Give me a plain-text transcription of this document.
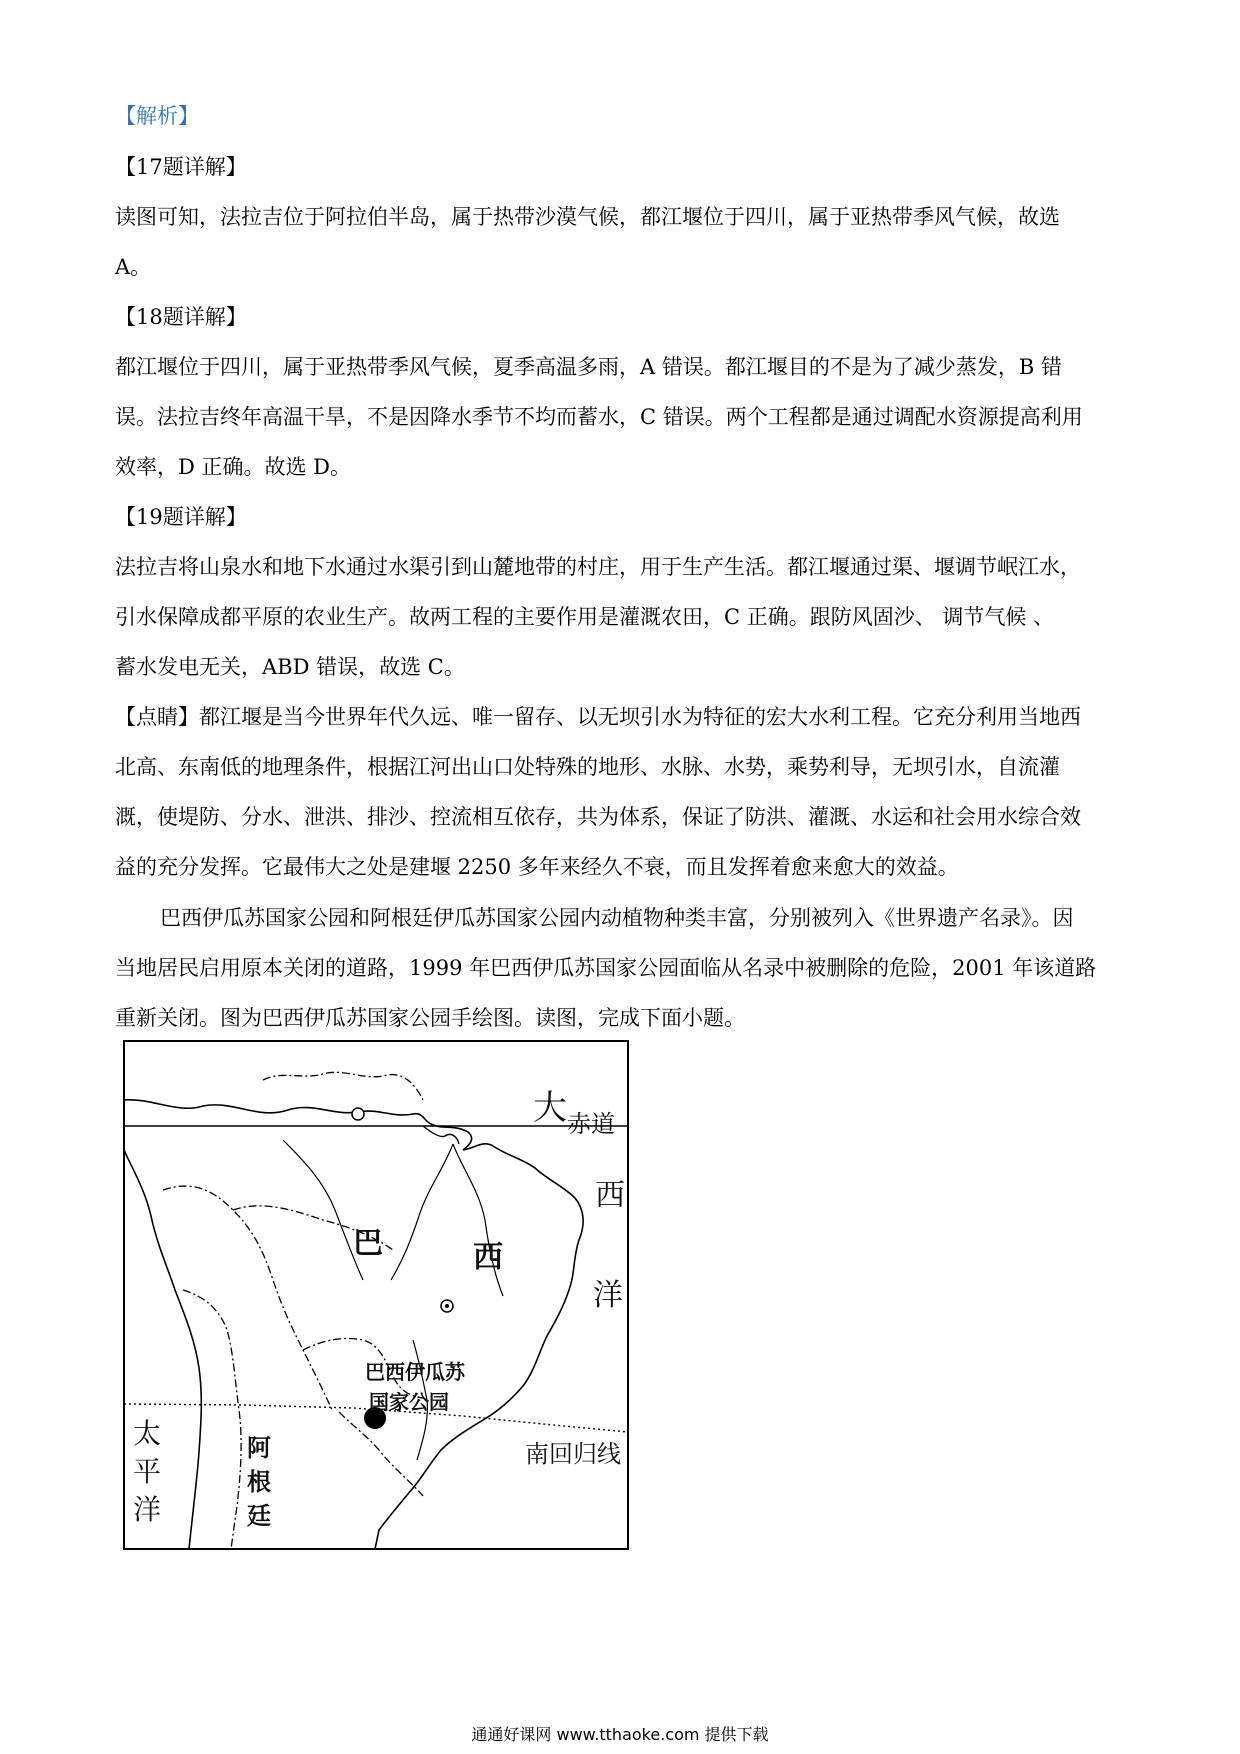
【解析】
【17题详解】
读图可知，法拉吉位于阿拉伯半岛，属于热带沙漠气候，都江堰位于四川，属于亚热带季风气候，故选
A。
【18题详解】
都江堰位于四川，属于亚热带季风气候，夏季高温多雨，A 错误。都江堰目的不是为了减少蒸发，B 错
误。法拉吉终年高温干旱，不是因降水季节不均而蓄水，C 错误。两个工程都是通过调配水资源提高利用
效率，D 正确。故选 D。
【19题详解】
法拉吉将山泉水和地下水通过水渠引到山麓地带的村庄，用于生产生活。都江堰通过渠、堰调节岷江水，
引水保障成都平原的农业生产。故两工程的主要作用是灌溉农田，C 正确。跟防风固沙、 调节气候 、
蓄水发电无关，ABD 错误，故选 C。
【点睛】都江堰是当今世界年代久远、唯一留存、以无坝引水为特征的宏大水利工程。它充分利用当地西
北高、东南低的地理条件，根据江河出山口处特殊的地形、水脉、水势，乘势利导，无坝引水，自流灌
溉，使堤防、分水、泄洪、排沙、控流相互依存，共为体系，保证了防洪、灌溉、水运和社会用水综合效
益的充分发挥。它最伟大之处是建堰 2250 多年来经久不衰，而且发挥着愈来愈大的效益。
巴西伊瓜苏国家公园和阿根廷伊瓜苏国家公园内动植物种类丰富，分别被列入《世界遗产名录》。因
当地居民启用原本关闭的道路，1999 年巴西伊瓜苏国家公园面临从名录中被删除的危险，2001 年该道路
重新关闭。图为巴西伊瓜苏国家公园手绘图。读图，完成下面小题。
大 赤道
西
洋
巴	西
巴西伊瓜苏
国家公园
南回归线
太
平
洋
阿
根
廷
通通好课网 www.tthaoke.com 提供下载
